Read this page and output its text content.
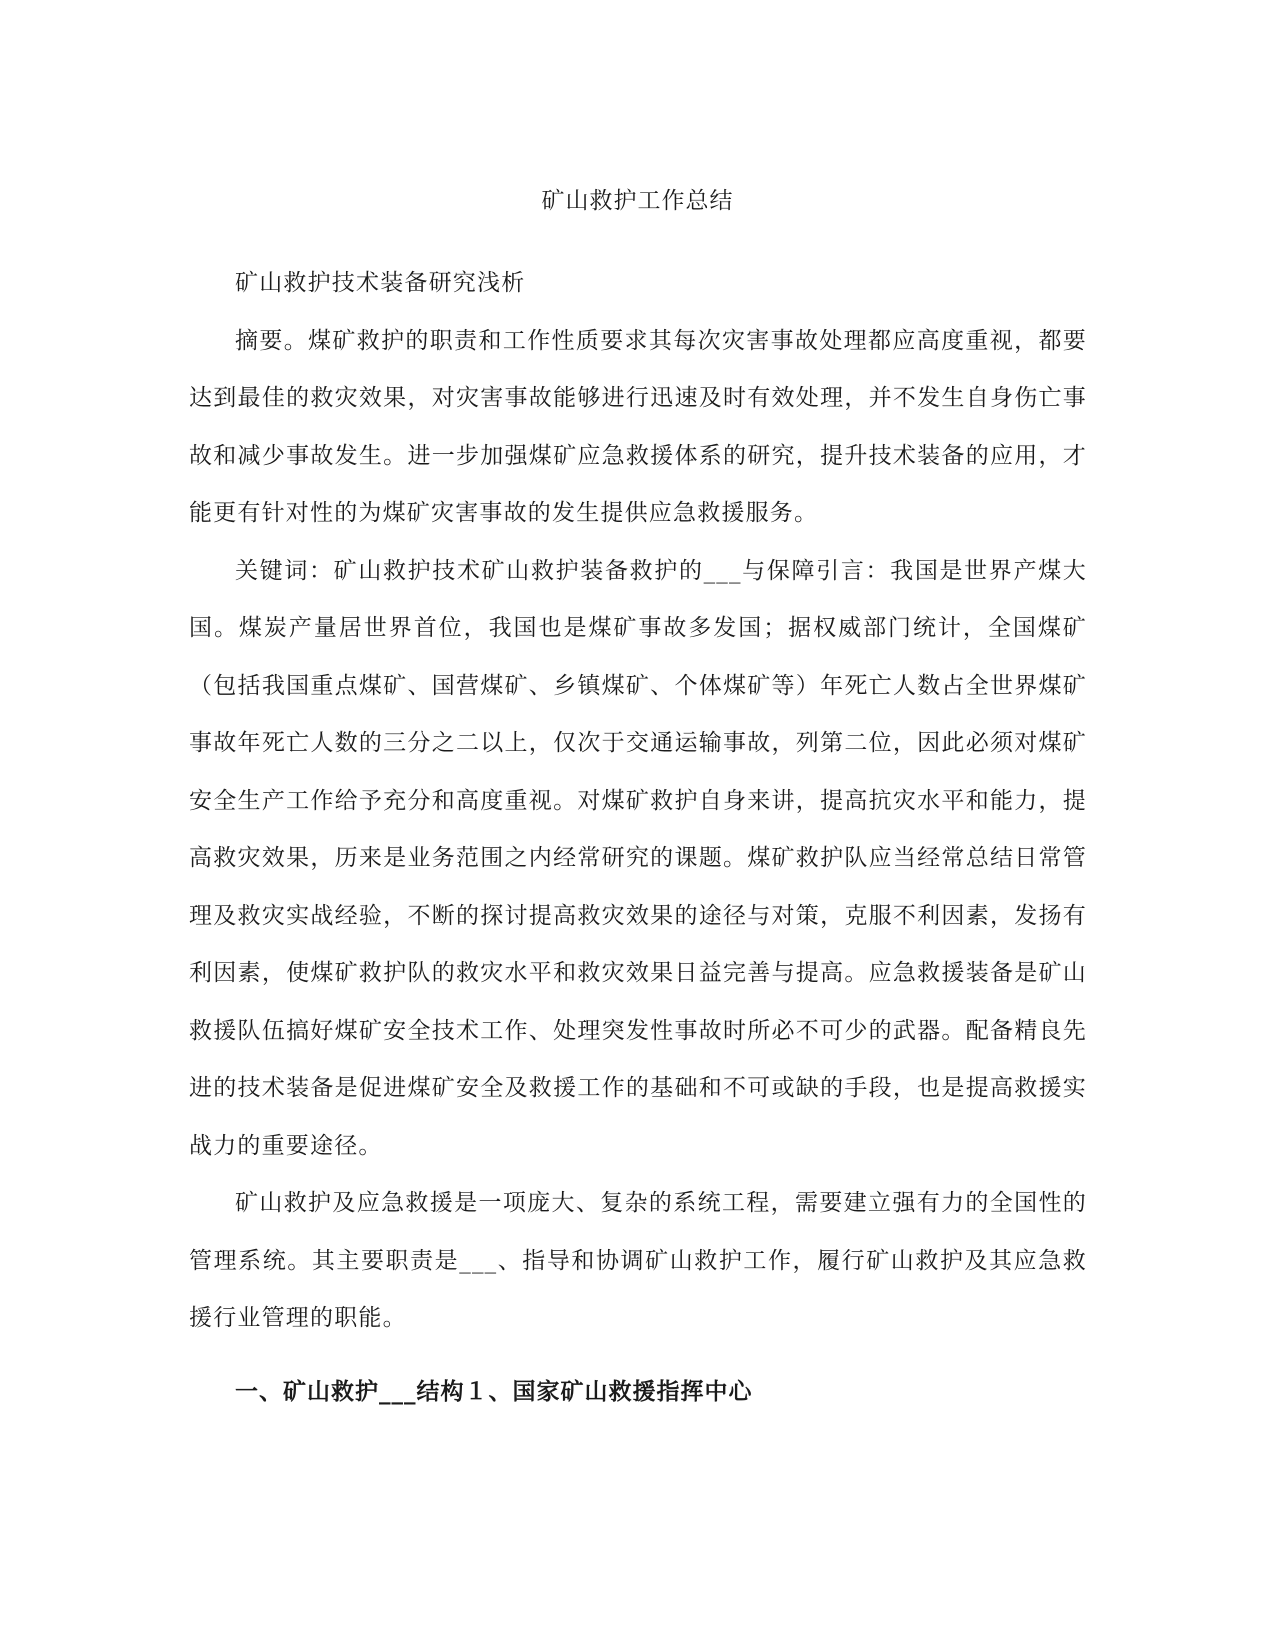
矿山救护工作总结

矿山救护技术装备研究浅析

摘要。煤矿救护的职责和工作性质要求其每次灾害事故处理都应高度重视，都要达到最佳的救灾效果，对灾害事故能够进行迅速及时有效处理，并不发生自身伤亡事故和减少事故发生。进一步加强煤矿应急救援体系的研究，提升技术装备的应用，才能更有针对性的为煤矿灾害事故的发生提供应急救援服务。

关键词：矿山救护技术矿山救护装备救护的___与保障引言：我国是世界产煤大国。煤炭产量居世界首位，我国也是煤矿事故多发国；据权威部门统计，全国煤矿（包括我国重点煤矿、国营煤矿、乡镇煤矿、个体煤矿等）年死亡人数占全世界煤矿事故年死亡人数的三分之二以上，仅次于交通运输事故，列第二位，因此必须对煤矿安全生产工作给予充分和高度重视。对煤矿救护自身来讲，提高抗灾水平和能力，提高救灾效果，历来是业务范围之内经常研究的课题。煤矿救护队应当经常总结日常管理及救灾实战经验，不断的探讨提高救灾效果的途径与对策，克服不利因素，发扬有利因素，使煤矿救护队的救灾水平和救灾效果日益完善与提高。应急救援装备是矿山救援队伍搞好煤矿安全技术工作、处理突发性事故时所必不可少的武器。配备精良先进的技术装备是促进煤矿安全及救援工作的基础和不可或缺的手段，也是提高救援实战力的重要途径。

矿山救护及应急救援是一项庞大、复杂的系统工程，需要建立强有力的全国性的管理系统。其主要职责是___、指导和协调矿山救护工作，履行矿山救护及其应急救援行业管理的职能。

一、矿山救护___结构１、国家矿山救援指挥中心
